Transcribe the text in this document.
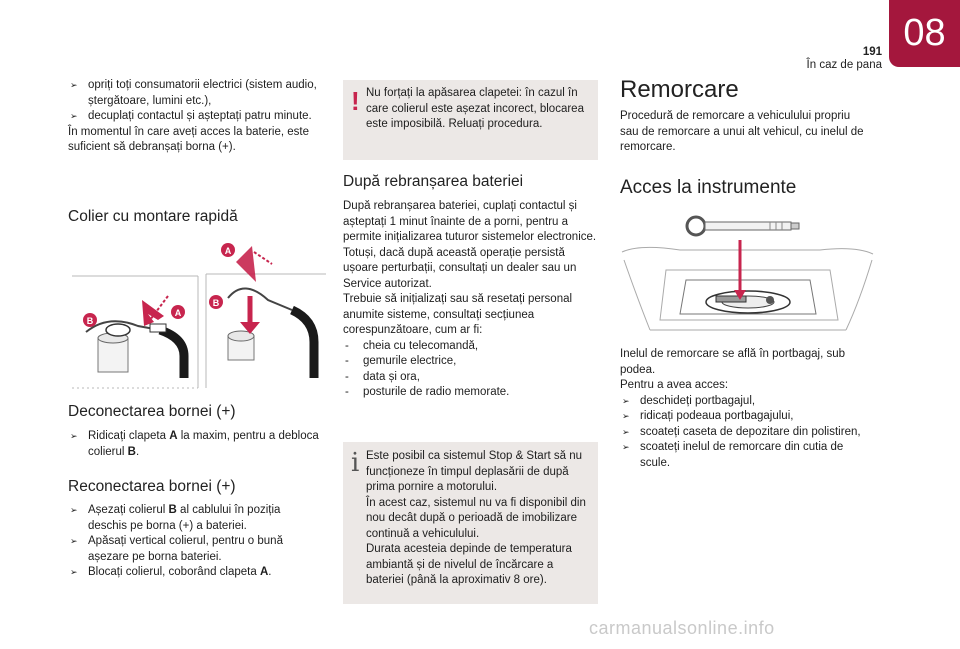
191
În caz de pana
08
➢ opriți toți consumatorii electrici (sistem audio, ștergătoare, lumini etc.),
➢ decuplați contactul și așteptați patru minute.
În momentul în care aveți acces la baterie, este suficient să debranșați borna (+).
Colier cu montare rapidă
B
A
B
A
Deconectarea bornei (+)
➢ Ridicați clapeta A la maxim, pentru a debloca colierul B.
Reconectarea bornei (+)
➢ Așezați colierul B al cablului în poziția deschis pe borna (+) a bateriei.
➢ Apăsați vertical colierul, pentru o bună așezare pe borna bateriei.
➢ Blocați colierul, coborând clapeta A.
! Nu forțați la apăsarea clapetei: în cazul în care colierul este așezat incorect, blocarea este imposibilă. Reluați procedura.
După rebranșarea bateriei
După rebranșarea bateriei, cuplați contactul și așteptați 1 minut înainte de a porni, pentru a permite inițializarea tuturor sistemelor electronice.
Totuși, dacă după această operație persistă ușoare perturbații, consultați un dealer sau un Service autorizat.
Trebuie să inițializați sau să resetați personal anumite sisteme, consultați secțiunea corespunzătoare, cum ar fi:
- cheia cu telecomandă,
- gemurile electrice,
- data și ora,
- posturile de radio memorate.
i Este posibil ca sistemul Stop & Start să nu funcționeze în timpul deplasării de după prima pornire a motorului.
În acest caz, sistemul nu va fi disponibil din nou decât după o perioadă de imobilizare continuă a vehiculului.
Durata acesteia depinde de temperatura ambiantă și de nivelul de încărcare a bateriei (până la aproximativ 8 ore).
Remorcare
Procedură de remorcare a vehiculului propriu sau de remorcare a unui alt vehicul, cu inelul de remorcare.
Acces la instrumente
Inelul de remorcare se află în portbagaj, sub podea.
Pentru a avea acces:
➢ deschideți portbagajul,
➢ ridicați podeaua portbagajului,
➢ scoateți caseta de depozitare din polistiren,
➢ scoateți inelul de remorcare din cutia de scule.
carmanualsonline.info
